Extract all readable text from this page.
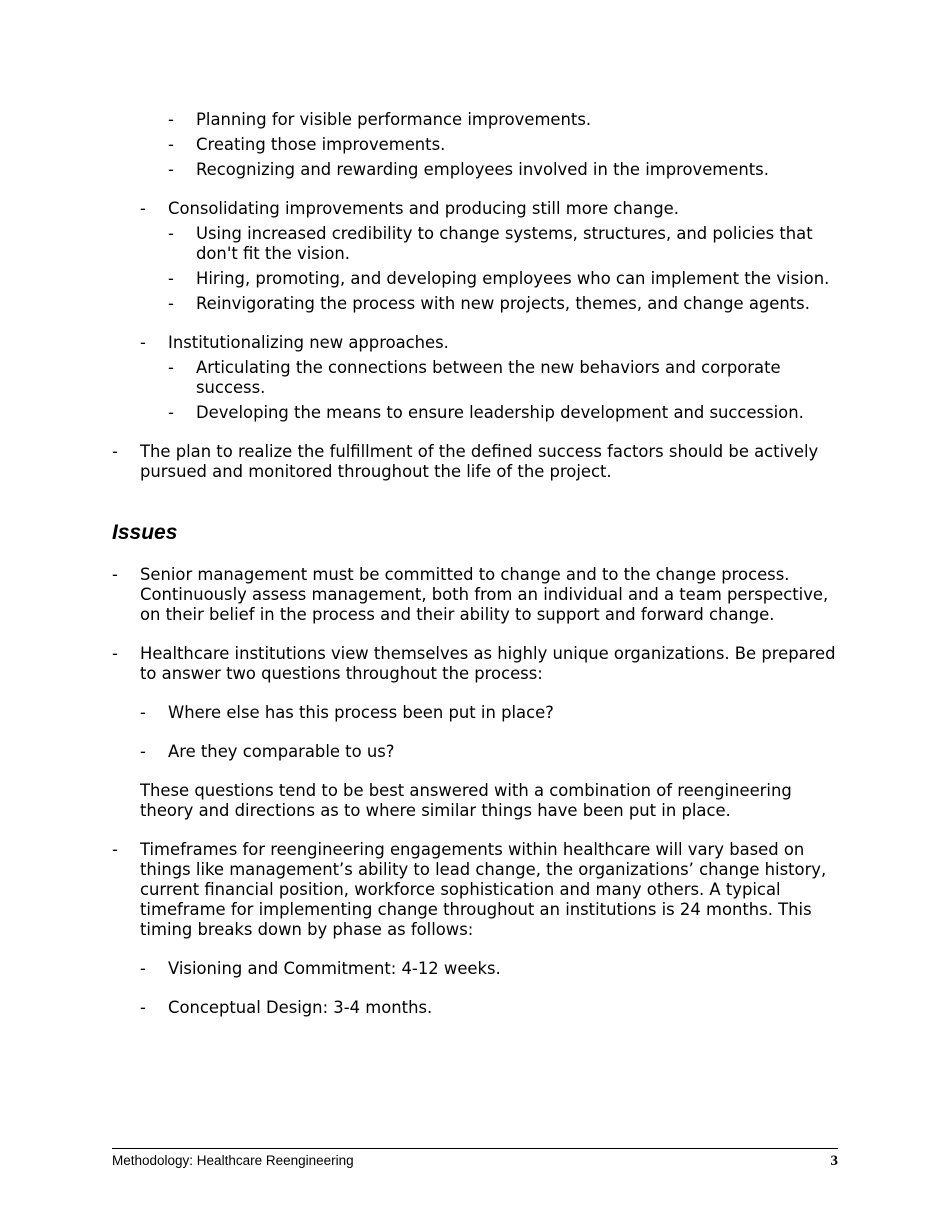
- Planning for visible performance improvements.
- Creating those improvements.
- Recognizing and rewarding employees involved in the improvements.
- Consolidating improvements and producing still more change.
- Using increased credibility to change systems, structures, and policies that don't fit the vision.
- Hiring, promoting, and developing employees who can implement the vision.
- Reinvigorating the process with new projects, themes, and change agents.
- Institutionalizing new approaches.
- Articulating the connections between the new behaviors and corporate success.
- Developing the means to ensure leadership development and succession.
- The plan to realize the fulfillment of the defined success factors should be actively pursued and monitored throughout the life of the project.
Issues
- Senior management must be committed to change and to the change process. Continuously assess management, both from an individual and a team perspective, on their belief in the process and their ability to support and forward change.
- Healthcare institutions view themselves as highly unique organizations. Be prepared to answer two questions throughout the process:
- Where else has this process been put in place?
- Are they comparable to us?
These questions tend to be best answered with a combination of reengineering theory and directions as to where similar things have been put in place.
- Timeframes for reengineering engagements within healthcare will vary based on things like management’s ability to lead change, the organizations’ change history, current financial position, workforce sophistication and many others. A typical timeframe for implementing change throughout an institutions is 24 months. This timing breaks down by phase as follows:
- Visioning and Commitment: 4-12 weeks.
- Conceptual Design: 3-4 months.
Methodology: Healthcare Reengineering	3
